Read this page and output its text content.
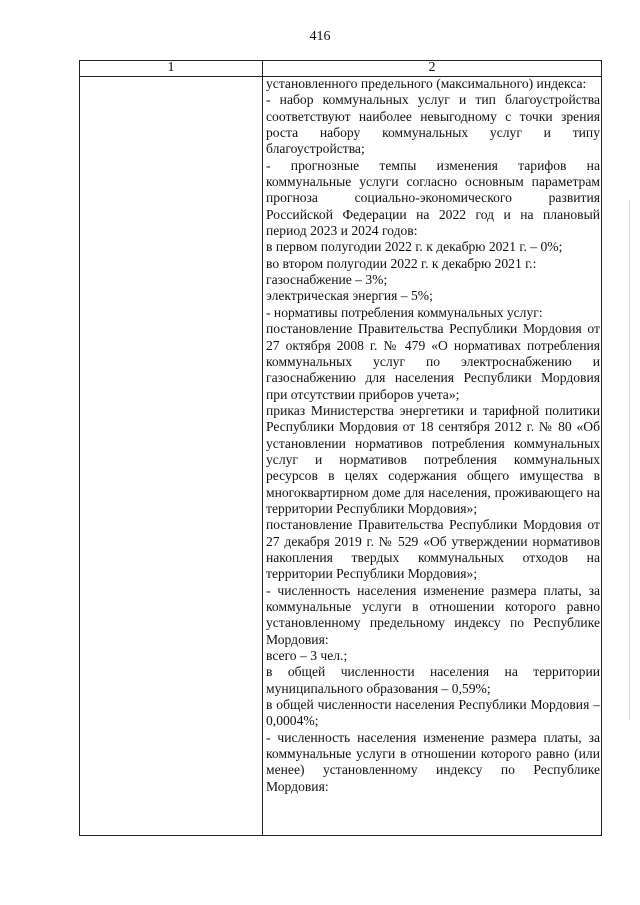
416
1	2

установленного предельного (максимального) индекса:

- набор коммунальных услуг и тип благоустройства соответствуют наиболее невыгодному с точки зрения роста набору коммунальных услуг и типу благоустройства;

- прогнозные темпы изменения тарифов на коммунальные услуги согласно основным параметрам прогноза социально-экономического развития Российской Федерации на 2022 год и на плановый период 2023 и 2024 годов:

в первом полугодии 2022 г. к декабрю 2021 г. – 0%;

во втором полугодии 2022 г. к декабрю 2021 г.:

газоснабжение – 3%;

электрическая энергия – 5%;

- нормативы потребления коммунальных услуг:

постановление Правительства Республики Мордовия от 27 октября 2008 г. № 479 «О нормативах потребления коммунальных услуг по электроснабжению и газоснабжению для населения Республики Мордовия при отсутствии приборов учета»;

приказ Министерства энергетики и тарифной политики Республики Мордовия от 18 сентября 2012 г. № 80 «Об установлении нормативов потребления коммунальных услуг и нормативов потребления коммунальных ресурсов в целях содержания общего имущества в многоквартирном доме для населения, проживающего на территории Республики Мордовия»;

постановление Правительства Республики Мордовия от 27 декабря 2019 г. № 529 «Об утверждении нормативов накопления твердых коммунальных отходов на территории Республики Мордовия»;

- численность населения изменение размера платы, за коммунальные услуги в отношении которого равно установленному предельному индексу по Республике Мордовия:

всего – 3 чел.;

в общей численности населения на территории муниципального образования – 0,59%;

в общей численности населения Республики Мордовия – 0,0004%;

- численность населения изменение размера платы, за коммунальные услуги в отношении которого равно (или менее) установленному индексу по Республике Мордовия:
